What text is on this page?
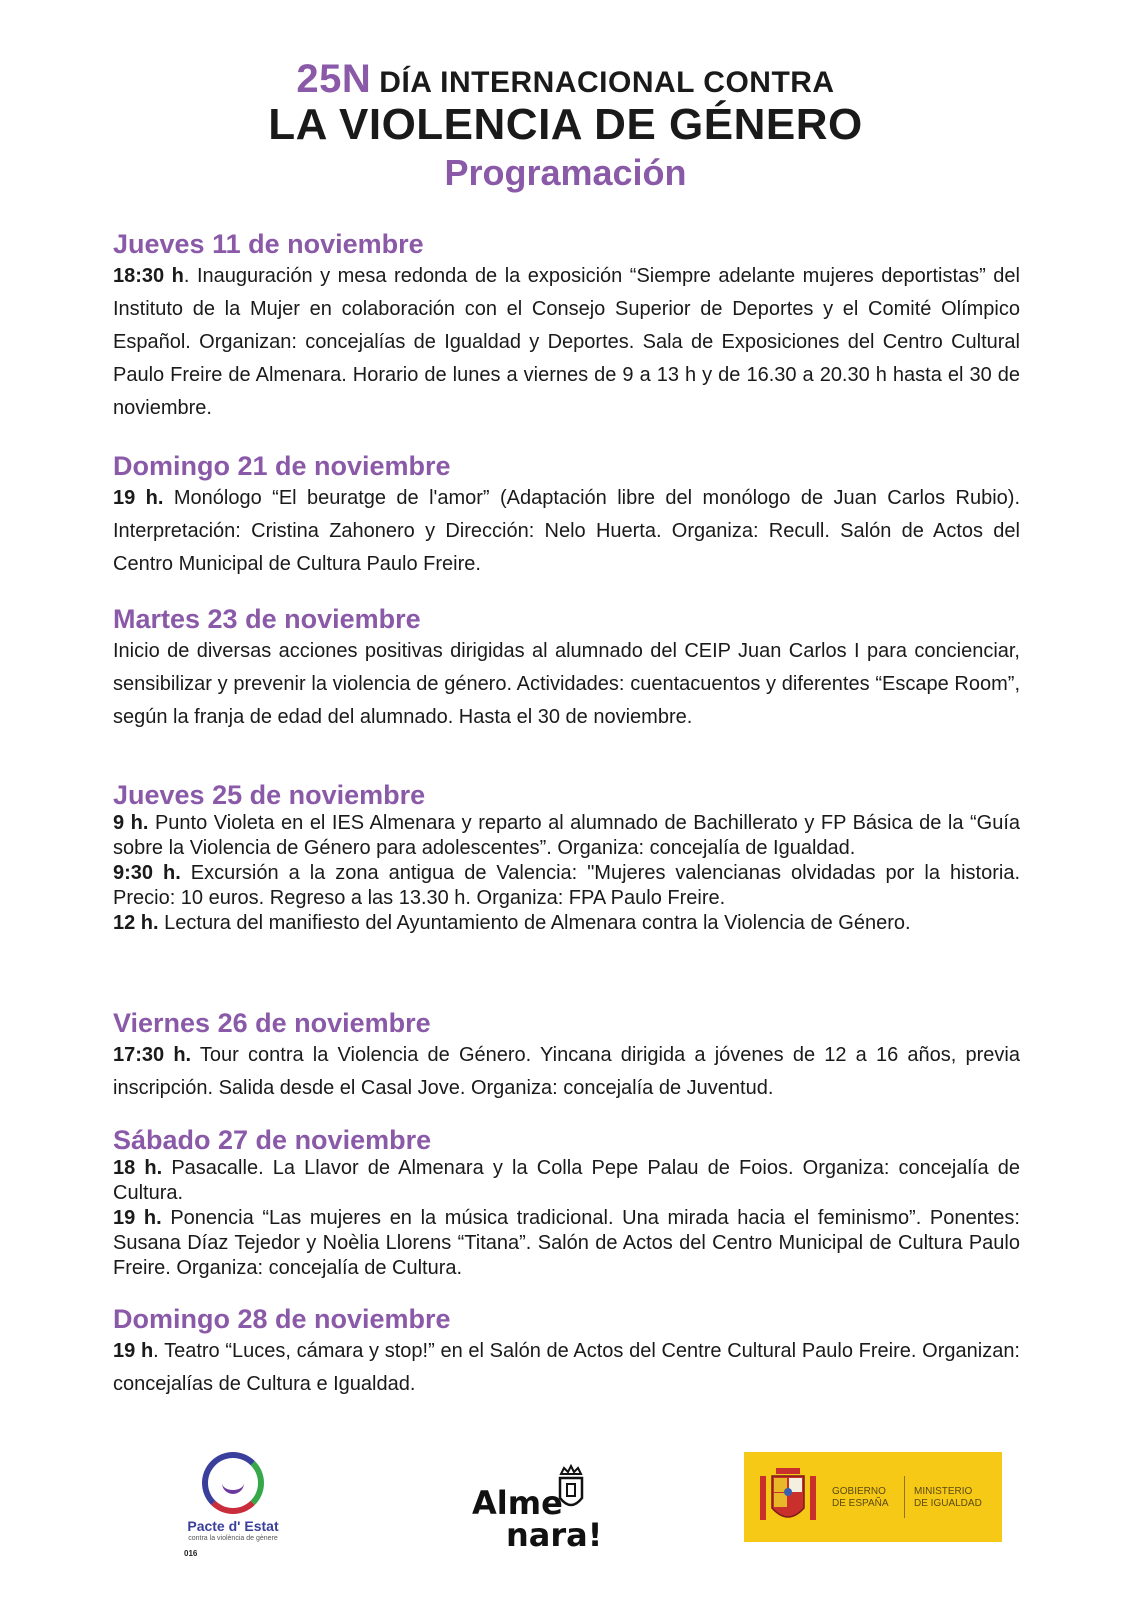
25N DÍA INTERNACIONAL CONTRA
LA VIOLENCIA DE GÉNERO
Programación

Jueves 11 de noviembre

18:30 h. Inauguración y mesa redonda de la exposición “Siempre adelante mujeres deportistas” del Instituto de la Mujer en colaboración con el Consejo Superior de Deportes y el Comité Olímpico Español. Organizan: concejalías de Igualdad y Deportes. Sala de Exposiciones del Centro Cultural Paulo Freire de Almenara. Horario de lunes a viernes de 9 a 13 h y de 16.30 a 20.30 h hasta el 30 de noviembre.

Domingo 21 de noviembre

19 h. Monólogo “El beuratge de l'amor” (Adaptación libre del monólogo de Juan Carlos Rubio). Interpretación: Cristina Zahonero y Dirección: Nelo Huerta. Organiza: Recull. Salón de Actos del Centro Municipal de Cultura Paulo Freire.

Martes 23 de noviembre

Inicio de diversas acciones positivas dirigidas al alumnado del CEIP Juan Carlos I para concienciar, sensibilizar y prevenir la violencia de género. Actividades: cuentacuentos y diferentes “Escape Room”, según la franja de edad del alumnado. Hasta el 30 de noviembre.

Jueves 25 de noviembre

9 h. Punto Violeta en el IES Almenara y reparto al alumnado de Bachillerato y FP Básica de la “Guía sobre la Violencia de Género para adolescentes”. Organiza: concejalía de Igualdad.

9:30 h. Excursión a la zona antigua de Valencia: "Mujeres valencianas olvidadas por la historia. Precio: 10 euros. Regreso a las 13.30 h. Organiza: FPA Paulo Freire.

12 h. Lectura del manifiesto del Ayuntamiento de Almenara contra la Violencia de Género.

Viernes 26 de noviembre

17:30 h. Tour contra la Violencia de Género. Yincana dirigida a jóvenes de 12 a 16 años, previa inscripción. Salida desde el Casal Jove. Organiza: concejalía de Juventud.

Sábado 27 de noviembre

18 h. Pasacalle. La Llavor de Almenara y la Colla Pepe Palau de Foios. Organiza: concejalía de Cultura.

19 h. Ponencia “Las mujeres en la música tradicional. Una mirada hacia el feminismo”. Ponentes: Susana Díaz Tejedor y Noèlia Llorens “Titana”. Salón de Actos del Centro Municipal de Cultura Paulo Freire. Organiza: concejalía de Cultura.

Domingo 28 de noviembre

19 h. Teatro “Luces, cámara y stop!” en el Salón de Actos del Centre Cultural Paulo Freire. Organizan: concejalías de Cultura e Igualdad.

Pacte d' Estat
contra la violència de gènere
016
Alme
nara!
GOBIERNO
DE ESPAÑA
MINISTERIO
DE IGUALDAD
